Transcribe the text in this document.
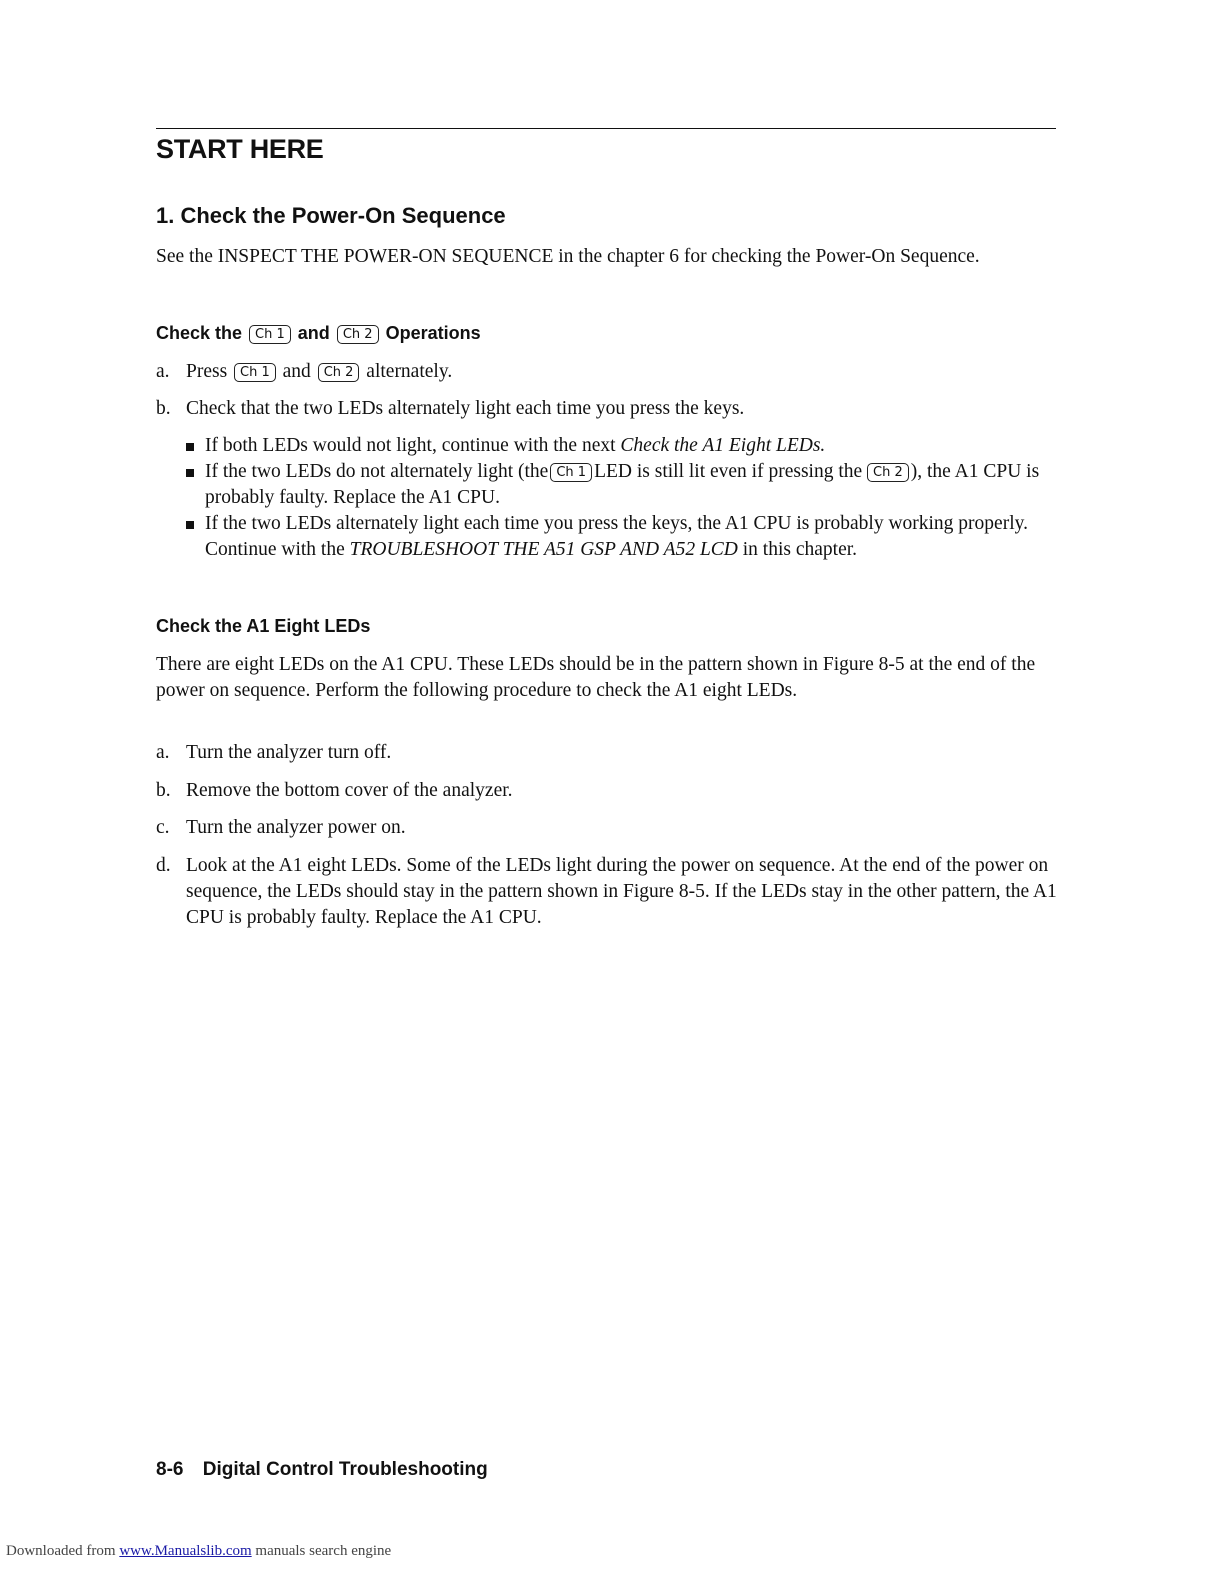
START HERE
1. Check the Power-On Sequence
See the INSPECT THE POWER-ON SEQUENCE in the chapter 6 for checking the Power-On Sequence.
Check the Ch 1 and Ch 2 Operations
a. Press Ch 1 and Ch 2 alternately.
b. Check that the two LEDs alternately light each time you press the keys.
If both LEDs would not light, continue with the next Check the A1 Eight LEDs.
If the two LEDs do not alternately light (the Ch 1 LED is still lit even if pressing the Ch 2 ), the A1 CPU is probably faulty. Replace the A1 CPU.
If the two LEDs alternately light each time you press the keys, the A1 CPU is probably working properly. Continue with the TROUBLESHOOT THE A51 GSP AND A52 LCD in this chapter.
Check the A1 Eight LEDs
There are eight LEDs on the A1 CPU. These LEDs should be in the pattern shown in Figure 8-5 at the end of the power on sequence. Perform the following procedure to check the A1 eight LEDs.
a. Turn the analyzer turn off.
b. Remove the bottom cover of the analyzer.
c. Turn the analyzer power on.
d. Look at the A1 eight LEDs. Some of the LEDs light during the power on sequence. At the end of the power on sequence, the LEDs should stay in the pattern shown in Figure 8-5. If the LEDs stay in the other pattern, the A1 CPU is probably faulty. Replace the A1 CPU.
8-6 Digital Control Troubleshooting
Downloaded from www.Manualslib.com manuals search engine
